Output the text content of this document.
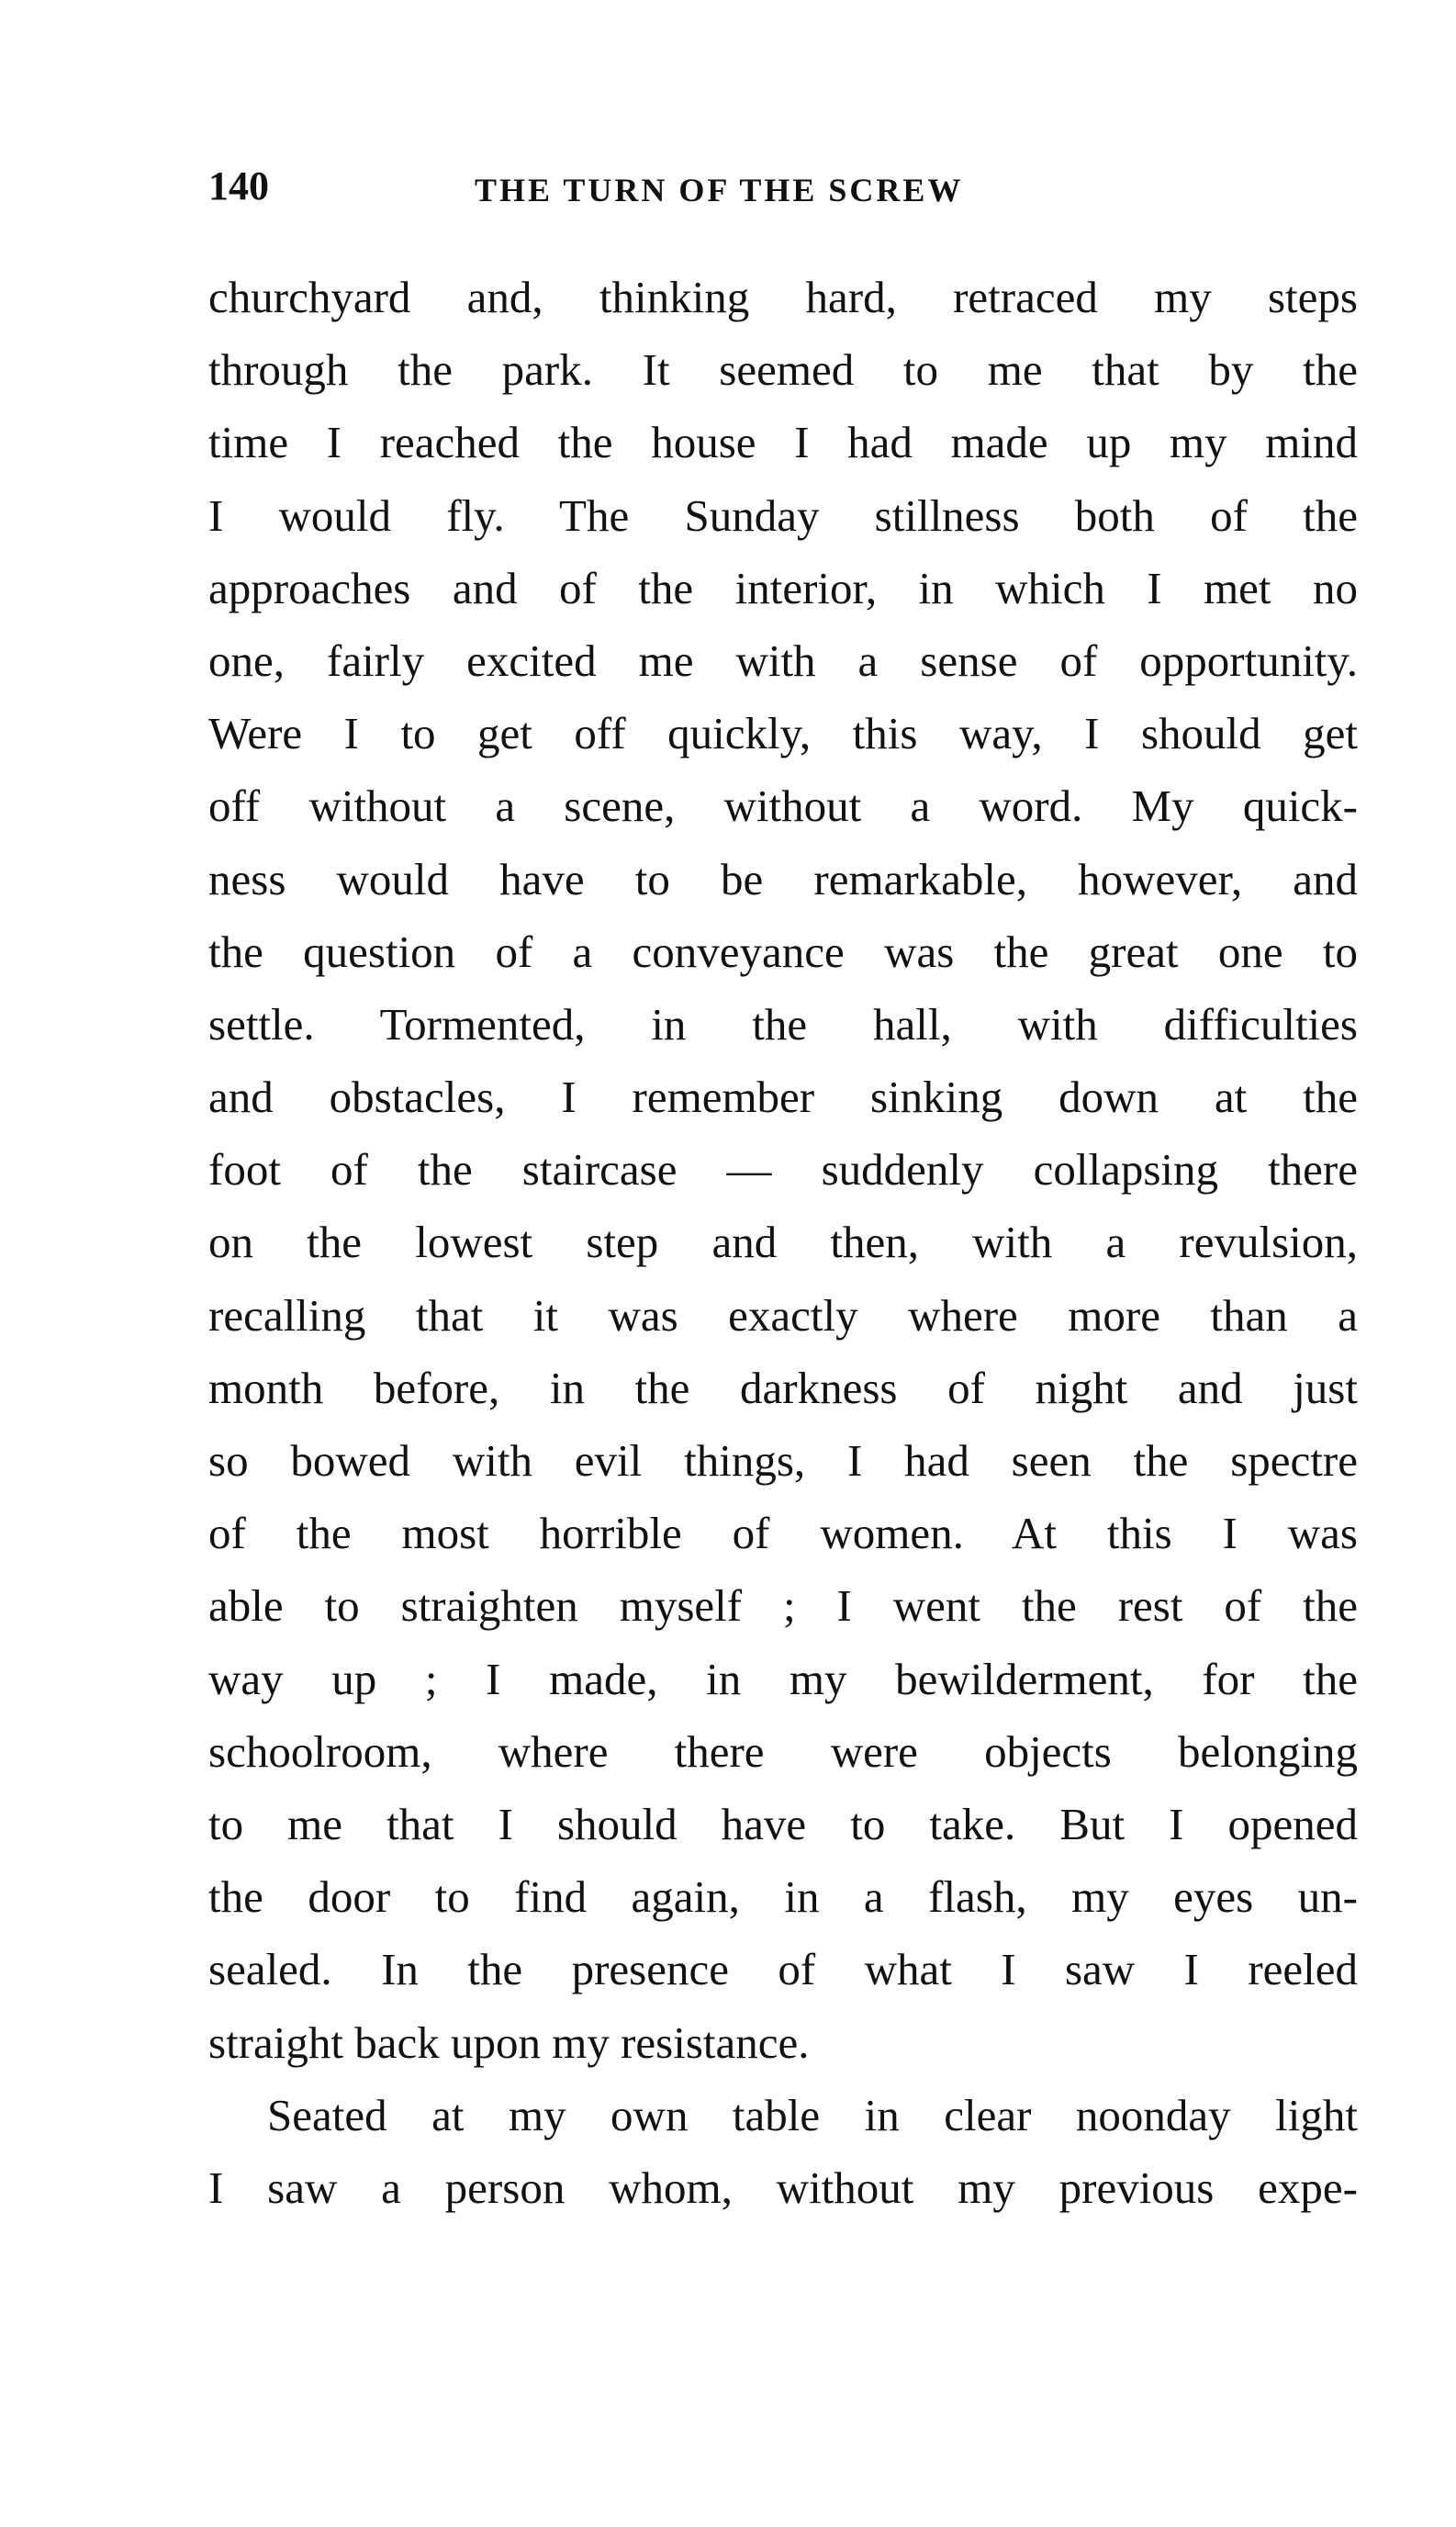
140	THE TURN OF THE SCREW
churchyard and, thinking hard, retraced my steps
through the park. It seemed to me that by the
time I reached the house I had made up my mind
I would fly. The Sunday stillness both of the
approaches and of the interior, in which I met no
one, fairly excited me with a sense of opportunity.
Were I to get off quickly, this way, I should get
off without a scene, without a word. My quick-
ness would have to be remarkable, however, and
the question of a conveyance was the great one to
settle. Tormented, in the hall, with difficulties
and obstacles, I remember sinking down at the
foot of the staircase — suddenly collapsing there
on the lowest step and then, with a revulsion,
recalling that it was exactly where more than a
month before, in the darkness of night and just
so bowed with evil things, I had seen the spectre
of the most horrible of women. At this I was
able to straighten myself ; I went the rest of the
way up ; I made, in my bewilderment, for the
schoolroom, where there were objects belonging
to me that I should have to take. But I opened
the door to find again, in a flash, my eyes un-
sealed. In the presence of what I saw I reeled
straight back upon my resistance.
Seated at my own table in clear noonday light
I saw a person whom, without my previous expe-
